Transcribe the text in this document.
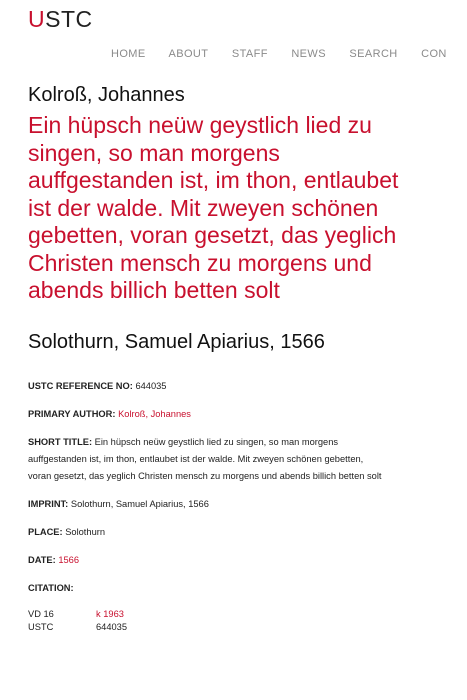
USTC
HOME ABOUT STAFF NEWS SEARCH CON
Kolroß, Johannes
Ein hüpsch neüw geystlich lied zu singen, so man morgens auffgestanden ist, im thon, entlaubet ist der walde. Mit zweyen schönen gebetten, voran gesetzt, das yeglich Christen mensch zu morgens und abends billich betten solt
Solothurn, Samuel Apiarius, 1566

USTC REFERENCE NO: 644035

PRIMARY AUTHOR: Kolroß, Johannes

SHORT TITLE: Ein hüpsch neüw geystlich lied zu singen, so man morgens auffgestanden ist, im thon, entlaubet ist der walde. Mit zweyen schönen gebetten, voran gesetzt, das yeglich Christen mensch zu morgens und abends billich betten solt

IMPRINT: Solothurn, Samuel Apiarius, 1566

PLACE: Solothurn

DATE: 1566

CITATION:

VD 16	k 1963
USTC	644035
